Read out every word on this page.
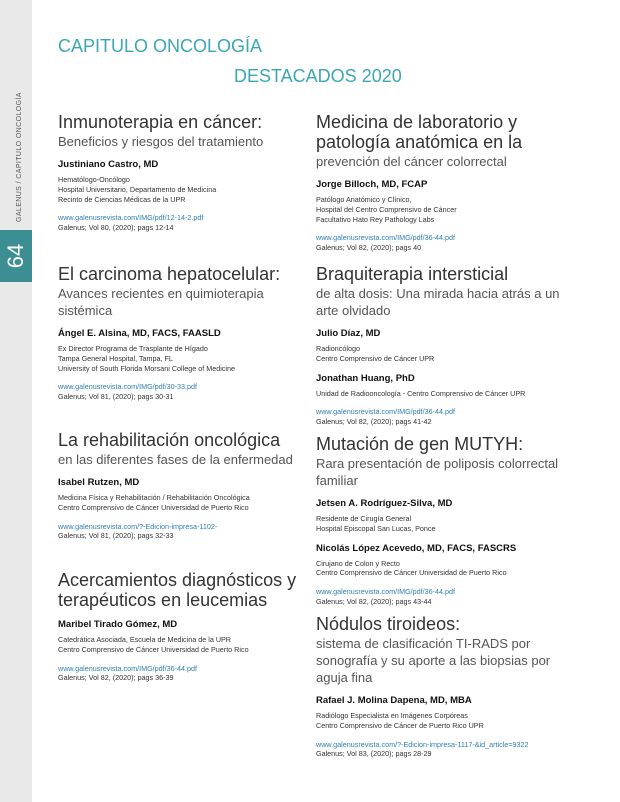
64
GALENUS / CAPITULO ONCOLOGÍA
CAPITULO ONCOLOGÍA
DESTACADOS 2020
Inmunoterapia en cáncer:
Beneficios y riesgos del tratamiento
Justiniano Castro, MD
Hematólogo-Oncólogo
Hospital Universitario, Departamento de Medicina
Recinto de Ciencias Médicas de la UPR
www.galenusrevista.com/IMG/pdf/12-14-2.pdf
Galenus; Vol 80, (2020); pags 12-14
El carcinoma hepatocelular:
Avances recientes en quimioterapia sistémica
Ángel E. Alsina, MD, FACS, FAASLD
Ex Director Programa de Trasplante de Hígado
Tampa General Hospital, Tampa, FL
University of South Florida Morsani College of Medicine
www.galenusrevista.com/IMG/pdf/30-33.pdf
Galenus; Vol 81, (2020); pags 30-31
La rehabilitación oncológica
en las diferentes fases de la enfermedad
Isabel Rutzen, MD
Medicina Física y Rehabilitación / Rehabilitación Oncológica
Centro Comprensivo de Cáncer Universidad de Puerto Rico
www.galenusrevista.com/?-Edicion-impresa-1102-
Galenus; Vol 81, (2020); pags 32-33
Acercamientos diagnósticos y terapéuticos en leucemias
Maribel Tirado Gómez, MD
Catedrática Asociada, Escuela de Medicina de la UPR
Centro Comprensivo de Cáncer Universidad de Puerto Rico
www.galenusrevista.com/IMG/pdf/36-44.pdf
Galenus; Vol 82, (2020); pags 36-39
Medicina de laboratorio y patología anatómica en la
prevención del cáncer colorrectal
Jorge Billoch, MD, FCAP
Patólogo Anatómico y Clínico,
Hospital del Centro Comprensivo de Cáncer
Facultativo Hato Rey Pathology Labs
www.galenusrevista.com/IMG/pdf/36-44.pdf
Galenus; Vol 82, (2020); pags 40
Braquiterapia intersticial
de alta dosis: Una mirada hacia atrás a un arte olvidado
Julio Díaz, MD
Radioncólogo
Centro Comprensivo de Cáncer UPR
Jonathan Huang, PhD
Unidad de Radiooncología - Centro Comprensivo de Cáncer UPR
www.galenusrevista.com/IMG/pdf/36-44.pdf
Galenus; Vol 82, (2020); pags 41-42
Mutación de gen MUTYH:
Rara presentación de poliposis colorrectal familiar
Jetsen A. Rodríguez-Silva, MD
Residente de Cirugía General
Hospital Episcopal San Lucas, Ponce
Nicolás López Acevedo, MD, FACS, FASCRS
Cirujano de Colon y Recto
Centro Comprensivo de Cáncer Universidad de Puerto Rico
www.galenusrevista.com/IMG/pdf/36-44.pdf
Galenus; Vol 82, (2020); pags 43-44
Nódulos tiroideos:
sistema de clasificación TI-RADS por sonografía y su aporte a las biopsias por aguja fina
Rafael J. Molina Dapena, MD, MBA
Radiólogo Especialista en Imágenes Corpóreas
Centro Comprensivo de Cáncer de Puerto Rico UPR
www.galenusrevista.com/?-Edicion-impresa-1117-&id_article=9322
Galenus; Vol 83, (2020); pags 28-29
